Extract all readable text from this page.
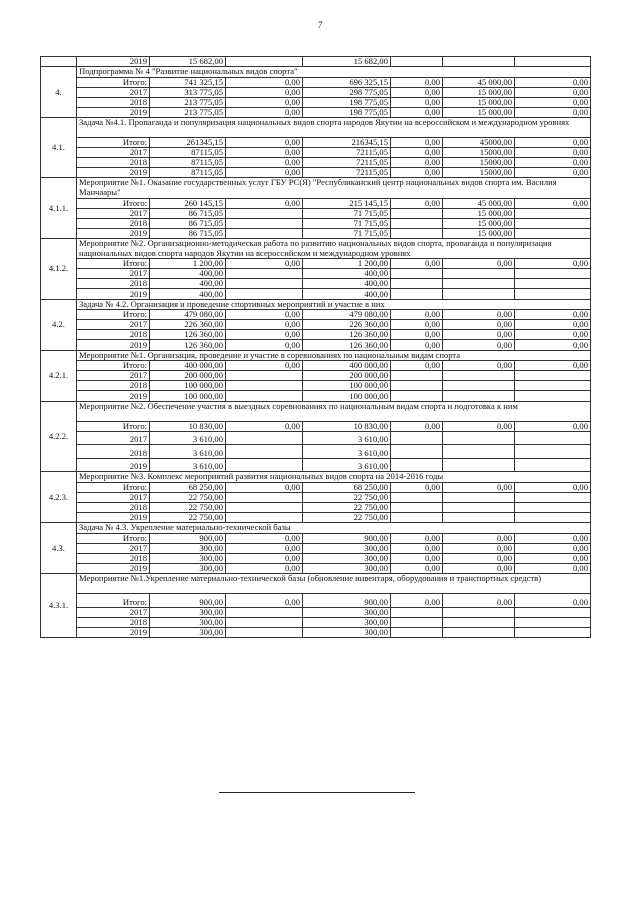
7
	2019	15 682,00		15 682,00			
4.	Подпрограмма № 4 "Развитие национальных видов спорта"						
	Итого:	741 325,15	0,00	696 325,15	0,00	45 000,00	0,00
	2017	313 775,05	0,00	298 775,05	0,00	15 000,00	0,00
	2018	213 775,05	0,00	198 775,05	0,00	15 000,00	0,00
	2019	213 775,05	0,00	198 775,05	0,00	15 000,00	0,00
4.1.	Задача №4.1. Пропаганда и популяризация национальных видов спорта народов Якутии на всероссийском и международном уровнях						
	Итого:	261345,15	0,00	216345,15	0,00	45000,00	0,00
	2017	87115,05	0,00	72115,05	0,00	15000,00	0,00
	2018	87115,05	0,00	72115,05	0,00	15000,00	0,00
	2019	87115,05	0,00	72115,05	0,00	15000,00	0,00
4.1.1.	Мероприятие №1. Оказание государственных услуг ГБУ РС(Я) "Республиканский центр национальных видов спорта им. Василия Манчаары"						
	Итого:	260 145,15	0,00	215 145,15	0,00	45 000,00	0,00
	2017	86 715,05		71 715,05		15 000,00	
	2018	86 715,05		71 715,05		15 000,00	
	2019	86 715,05		71 715,05		15 000,00	
4.1.2.	Мероприятие №2. Организационно-методическая работа по развитию национальных видов спорта, пропаганда и популяризация национальных видов спорта народов Якутии на всероссийском и международном уровнях						
	Итого:	1 200,00	0,00	1 200,00	0,00	0,00	0,00
	2017	400,00		400,00			
	2018	400,00		400,00			
	2019	400,00		400,00			
4.2.	Задача № 4.2. Организация и проведение спортивных мероприятий и участие в них						
	Итого:	479 080,00	0,00	479 080,00	0,00	0,00	0,00
	2017	226 360,00	0,00	226 360,00	0,00	0,00	0,00
	2018	126 360,00	0,00	126 360,00	0,00	0,00	0,00
	2019	126 360,00	0,00	126 360,00	0,00	0,00	0,00
4.2.1.	Мероприятие №1. Организация, проведение и участие в соревнованиях по национальным видам спорта						
	Итого:	400 000,00	0,00	400 000,00	0,00	0,00	0,00
	2017	200 000,00		200 000,00			
	2018	100 000,00		100 000,00			
	2019	100 000,00		100 000,00			
4.2.2.	Мероприятие №2. Обеспечение участия в выездных соревнованиях по национальным видам спорта и подготовка к ним						
	Итого:	10 830,00	0,00	10 830,00	0,00	0,00	0,00
	2017	3 610,00		3 610,00			
	2018	3 610,00		3 610,00			
	2019	3 610,00		3 610,00			
4.2.3.	Мероприятие №3. Комплекс мероприятий развития национальных видов спорта на 2014-2016 годы						
	Итого:	68 250,00	0,00	68 250,00	0,00	0,00	0,00
	2017	22 750,00		22 750,00			
	2018	22 750,00		22 750,00			
	2019	22 750,00		22 750,00			
4.3.	Задача № 4.3. Укрепление материально-технической базы						
	Итого:	900,00	0,00	900,00	0,00	0,00	0,00
	2017	300,00	0,00	300,00	0,00	0,00	0,00
	2018	300,00	0,00	300,00	0,00	0,00	0,00
	2019	300,00	0,00	300,00	0,00	0,00	0,00
4.3.1.	Мероприятие №1.Укрепление материально-технической базы (обновление инвентаря, оборудования и транспортных средств)						
	Итого:	900,00	0,00	900,00	0,00	0,00	0,00
	2017	300,00		300,00			
	2018	300,00		300,00			
	2019	300,00		300,00			
